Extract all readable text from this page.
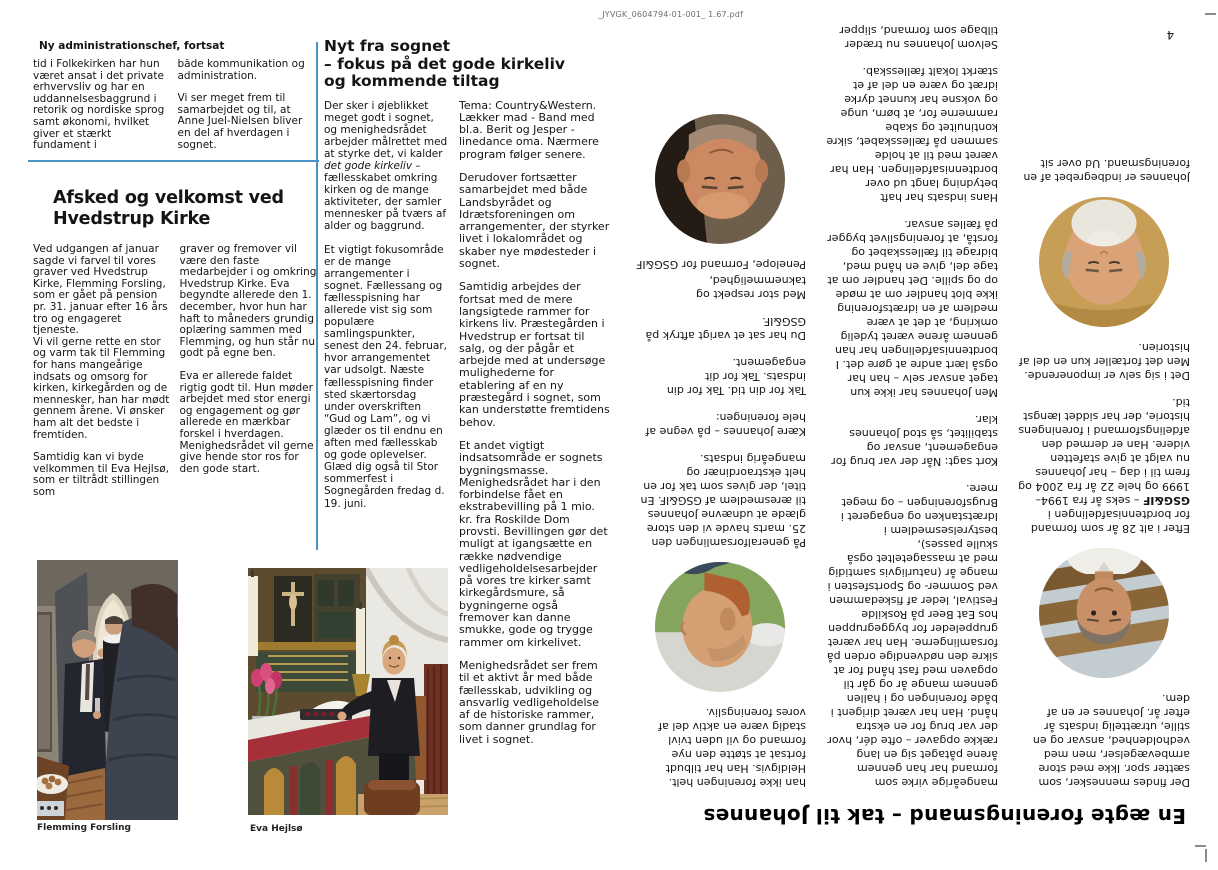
_JYVGK_0604794-01-001_ 1.67.pdf
Ny administrationschef, fortsat

tid i Folkekirken har hun været ansat i det private erhvervsliv og har en uddannelsesbaggrund i retorik og nordiske sprog samt økonomi, hvilket giver et stærkt fundament i

både kommunikation og administration.

Vi ser meget frem til samarbejdet og til, at Anne Juel-Nielsen bliver en del af hverdagen i sognet.

Afsked og velkomst ved Hvedstrup Kirke

Ved udgangen af januar sagde vi farvel til vores graver ved Hvedstrup Kirke, Flemming Forsling, som er gået på pension pr. 31. januar efter 16 års tro og engageret tjeneste.

Vi vil gerne rette en stor og varm tak til Flemming for hans mangeårige indsats og omsorg for kirken, kirkegården og de mennesker, han har mødt gennem årene. Vi ønsker ham alt det bedste i fremtiden.

Samtidig kan vi byde velkommen til Eva Hejlsø, som er tiltrådt stillingen som

graver og fremover vil være den faste medarbejder i og omkring Hvedstrup Kirke. Eva begyndte allerede den 1. december, hvor hun har haft to måneders grundig oplæring sammen med Flemming, og hun står nu godt på egne ben.

Eva er allerede faldet rigtig godt til. Hun møder arbejdet med stor energi og engagement og gør allerede en mærkbar forskel i hverdagen. Menighedsrådet vil gerne give hende stor ros for den gode start.

Nyt fra sognet
– fokus på det gode kirkeliv
og kommende tiltag

Der sker i øjeblikket meget godt i sognet, og menighedsrådet arbejder målrettet med at styrke det, vi kalder det gode kirkeliv – fællesskabet omkring kirken og de mange aktiviteter, der samler mennesker på tværs af alder og baggrund.

Et vigtigt fokusområde er de mange arrangementer i sognet. Fællessang og fællesspisning har allerede vist sig som populære samlingspunkter, senest den 24. februar, hvor arrangementet var udsolgt. Næste fællesspisning finder sted skærtorsdag under overskriften “Gud og Lam”, og vi glæder os til endnu en aften med fællesskab og gode oplevelser.

Glæd dig også til Stor sommerfest i Sognegården fredag d. 19. juni.

Tema: Country&Western. Lækker mad - Band med bl.a. Berit og Jesper - linedance oma. Nærmere program følger senere.

Derudover fortsætter samarbejdet med både Landsbyrådet og Idrætsforeningen om arrangementer, der styrker livet i lokalområdet og skaber nye mødesteder i sognet.

Samtidig arbejdes der fortsat med de mere langsigtede rammer for kirkens liv. Præstegården i Hvedstrup er fortsat til salg, og der pågår et arbejde med at undersøge mulighederne for etablering af en ny præstegård i sognet, som kan understøtte fremtidens behov.

Et andet vigtigt indsatsområde er sognets bygningsmasse. Menighedsrådet har i den forbindelse fået en ekstrabevilling på 1 mio. kr. fra Roskilde Dom provsti. Bevillingen gør det muligt at igangsætte en række nødvendige vedligeholdelsesarbejder på vores tre kirker samt kirkegårdsmure, så bygningerne også fremover kan danne smukke, gode og trygge rammer om kirkelivet.

Menighedsrådet ser frem til et aktivt år med både fællesskab, udvikling og ansvarlig vedligeholdelse af de historiske rammer, som danner grundlag for livet i sognet.

Flemming Forsling	Eva Hejlsø
En ægte foreningsmand – tak til Johannes

Der findes mennesker, som sætter spor. Ikke med store armbevægelser, men med vedholdenhed, ansvar og en stille, utrættelig indsats år efter år. Johannes er en af dem.

Efter i alt 28 år som formand for bordtennisafdelingen i GSG&IF – seks år fra 1994–1999 og hele 22 år fra 2004 og frem til i dag – har Johannes nu valgt at give stafetten videre. Han er dermed den afdelingsformand i foreningens historie, der har siddet længst tid.

Det i sig selv er imponerende. Men det fortæller kun en del af historien.

Johannes er indbegrebet af en foreningsmand. Ud over sit

mangeårige virke som formand har han gennem årene påtaget sig en lang række opgaver – ofte dér, hvor der var brug for en ekstra hånd. Han har været dirigent i både foreningen og i hallen gennem mange år og går til opgaven med fast hånd for at sikre den nødvendige orden på forsamlingerne. Han har været gruppeleder for byggegruppen hos Eat Beer på Roskilde Festival, leder af fiskedammen ved Sommer- og Sportsfesten i mange år (naturligvis samtidig med at massageteltet også skulle passes), bestyrelsesmedlem i Idrætstanken og engageret i Brugsforeningen – og meget mere.

Kort sagt: Når der var brug for engagement, ansvar og stabilitet, så stod Johannes klar.

Men Johannes har ikke kun taget ansvar selv – han har også lært andre at gøre det. I bordtennisafdelingen har han gennem årene været tydelig omkring, at det at være medlem af en idrætsforening ikke blot handler om at møde op og spille. Det handler om at tage del, give en hånd med, bidrage til fællesskabet og forstå, at foreningslivet bygger på fælles ansvar.

Hans indsats har haft betydning langt ud over bordtennisafdelingen. Han har været med til at holde sammen på fællesskabet, sikre kontinuitet og skabe rammerne for, at børn, unge og voksne har kunnet dyrke idræt og være en del af et stærkt lokalt fællesskab.

Selvom Johannes nu træder tilbage som formand, slipper

han ikke foreningen helt. Heldigvis. Han har tilbudt fortsat at støtte den nye formand og vil uden tvivl stadig være en aktiv del af vores foreningsliv.

På generalforsamlingen den 25. marts havde vi den store glæde at udnævne Johannes til æresmedlem af GSG&IF. En titel, der gives som tak for en helt ekstraordinær og mangeårig indsats.

Kære Johannes – på vegne af hele foreningen:

Tak for din tid. Tak for din indsats. Tak for dit engagement.

Du har sat et varigt aftryk på GSG&IF.

Med stor respekt og taknemmelighed,

Penelope, Formand for GSG&IF

4
